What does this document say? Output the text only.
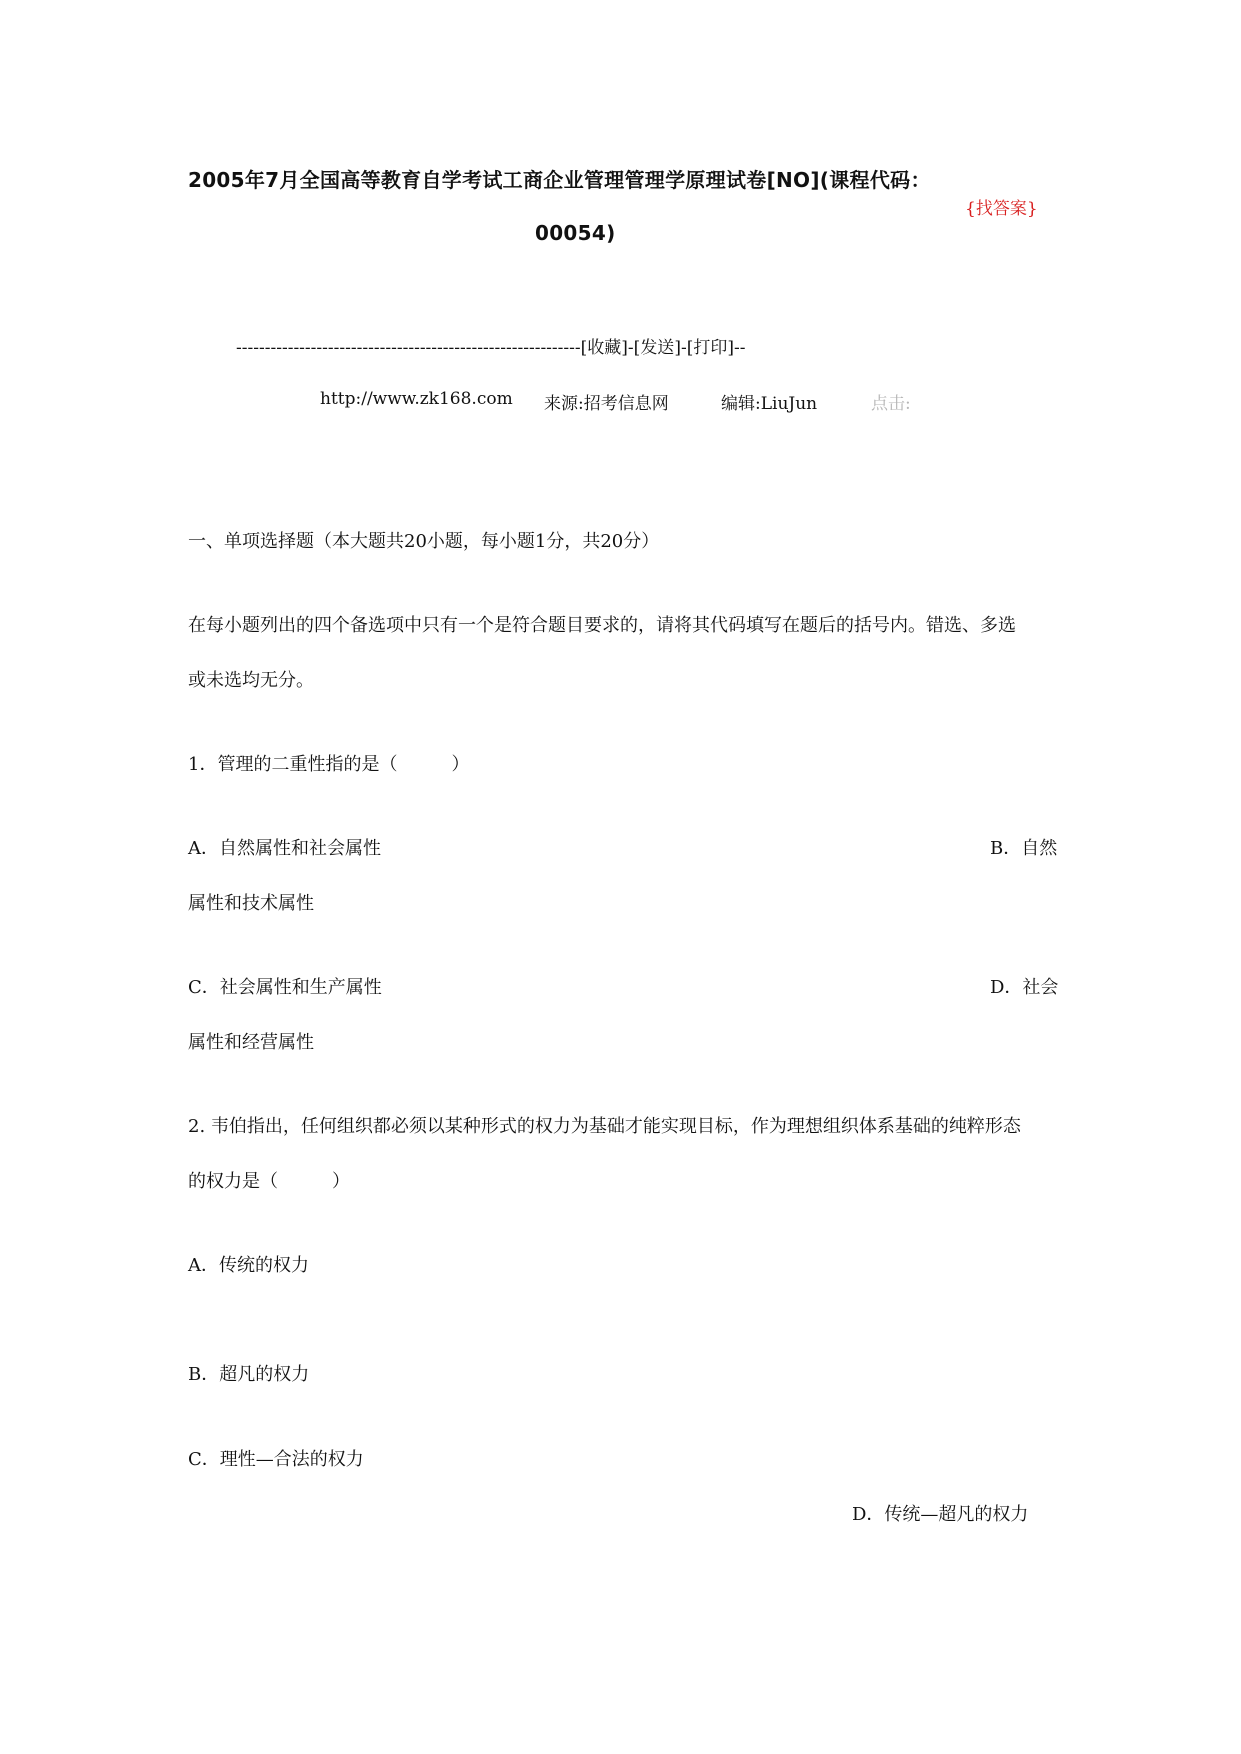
2005年7月全国高等教育自学考试工商企业管理管理学原理试卷[NO](课程代码：
00054)
{找答案}
------------------------------------------------------------[收藏]-[发送]-[打印]--
http://www.zk168.com 来源:招考信息网	编辑:LiuJun	点击:
一、单项选择题（本大题共20小题，每小题1分，共20分）
在每小题列出的四个备选项中只有一个是符合题目要求的，请将其代码填写在题后的括号内。错选、多选
或未选均无分。
1．管理的二重性指的是（　　　）
A．自然属性和社会属性	B．自然
属性和技术属性
C．社会属性和生产属性	D．社会
属性和经营属性
2. 韦伯指出，任何组织都必须以某种形式的权力为基础才能实现目标，作为理想组织体系基础的纯粹形态
的权力是（　　　）
A．传统的权力
B．超凡的权力
C．理性—合法的权力
D．传统—超凡的权力
